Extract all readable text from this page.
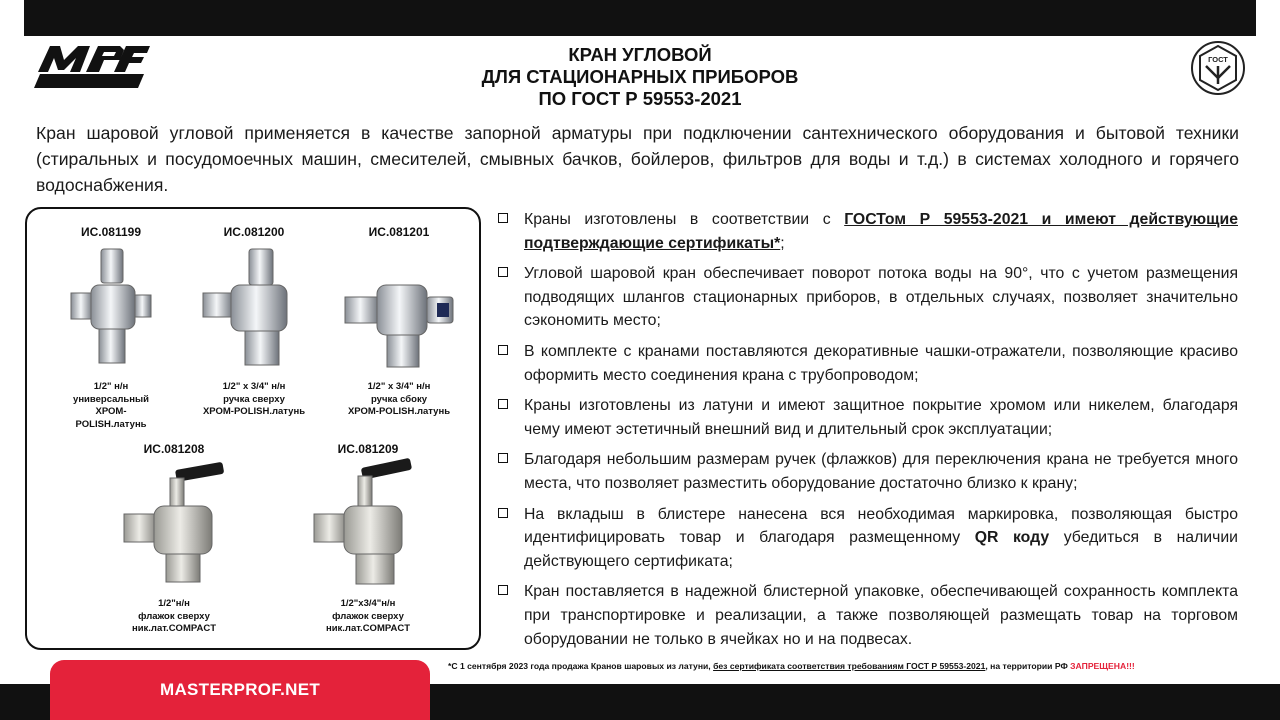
ГОСТ
КРАН УГЛОВОЙ
ДЛЯ СТАЦИОНАРНЫХ ПРИБОРОВ
ПО ГОСТ Р 59553-2021
Кран шаровой угловой применяется в качестве запорной арматуры при подключении сантехнического оборудования и бытовой техники (стиральных и посудомоечных машин, смесителей, смывных бачков, бойлеров, фильтров для воды и т.д.) в системах холодного и горячего водоснабжения.
ИС.081199
1/2" н/н
универсальный
ХРОМ-POLISH.латунь
ИС.081200
1/2" х 3/4" н/н
ручка сверху
ХРОМ-POLISH.латунь
ИС.081201
1/2" х 3/4" н/н
ручка сбоку
ХРОМ-POLISH.латунь
ИС.081208
1/2"н/н
флажок сверху
ник.лат.COMPACT
ИС.081209
1/2"х3/4"н/н
флажок сверху
ник.лат.COMPACT
Краны изготовлены в соответствии с ГОСТом Р 59553-2021 и имеют действующие подтверждающие сертификаты*;
Угловой шаровой кран обеспечивает поворот потока воды на 90°, что с учетом размещения подводящих шлангов стационарных приборов, в отдельных случаях, позволяет значительно сэкономить место;
В комплекте с кранами поставляются декоративные чашки-отражатели, позволяющие красиво оформить место соединения крана с трубопроводом;
Краны изготовлены из латуни и имеют защитное покрытие хромом или никелем, благодаря чему имеют эстетичный внешний вид и длительный срок эксплуатации;
Благодаря небольшим размерам ручек (флажков) для переключения крана не требуется много места, что позволяет разместить оборудование достаточно близко к крану;
На вкладыш в блистере нанесена вся необходимая маркировка, позволяющая быстро идентифицировать товар и благодаря размещенному QR коду убедиться в наличии действующего сертификата;
Кран поставляется в надежной блистерной упаковке, обеспечивающей сохранность комплекта при транспортировке и реализации, а также позволяющей размещать товар на торговом оборудовании не только в ячейках но и на подвесах.
MASTERPROF.NET
*С 1 сентября 2023 года продажа Кранов шаровых из латуни, без сертификата соответствия требованиям ГОСТ Р 59553-2021, на территории РФ ЗАПРЕЩЕНА!!!
